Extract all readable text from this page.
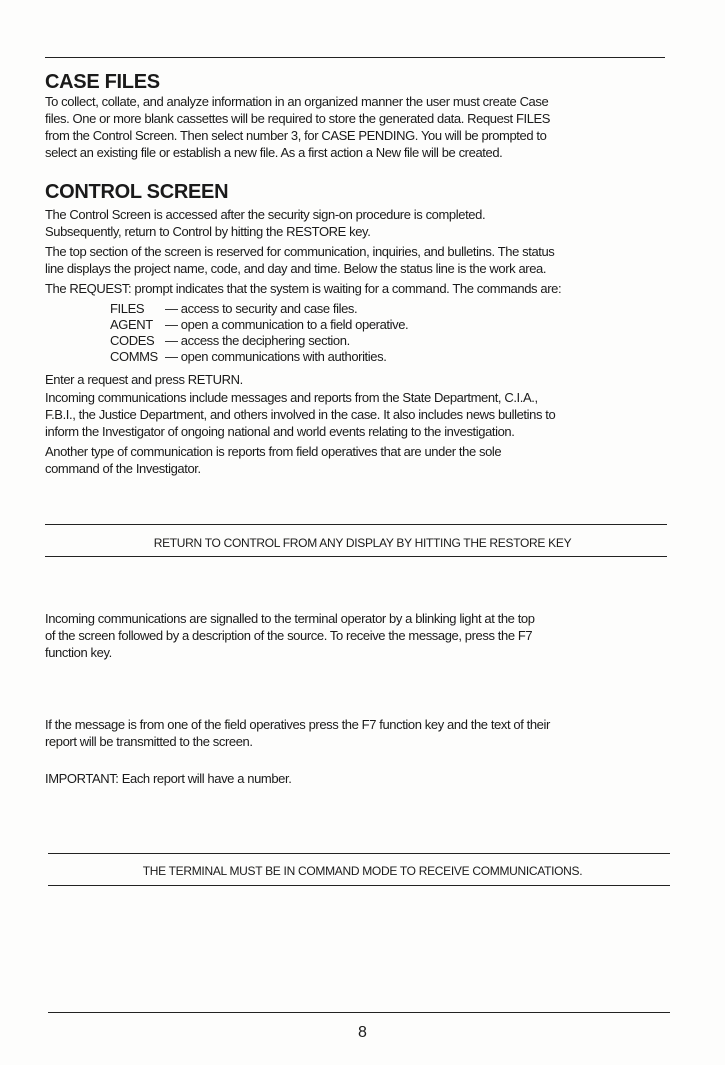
CASE FILES

To collect, collate, and analyze information in an organized manner the user must create Case
files. One or more blank cassettes will be required to store the generated data. Request FILES
from the Control Screen. Then select number 3, for CASE PENDING. You will be prompted to
select an existing file or establish a new file. As a first action a New file will be created.

CONTROL SCREEN

The Control Screen is accessed after the security sign-on procedure is completed.
Subsequently, return to Control by hitting the RESTORE key.

The top section of the screen is reserved for communication, inquiries, and bulletins. The status
line displays the project name, code, and day and time. Below the status line is the work area.

The REQUEST: prompt indicates that the system is waiting for a command. The commands are:

FILES — access to security and case files.
AGENT — open a communication to a field operative.
CODES — access the deciphering section.
COMMS — open communications with authorities.

Enter a request and press RETURN.

Incoming communications include messages and reports from the State Department, C.I.A.,
F.B.I., the Justice Department, and others involved in the case. It also includes news bulletins to
inform the Investigator of ongoing national and world events relating to the investigation.

Another type of communication is reports from field operatives that are under the sole
command of the Investigator.

RETURN TO CONTROL FROM ANY DISPLAY BY HITTING THE RESTORE KEY

Incoming communications are signalled to the terminal operator by a blinking light at the top
of the screen followed by a description of the source. To receive the message, press the F7
function key.

If the message is from one of the field operatives press the F7 function key and the text of their
report will be transmitted to the screen.

IMPORTANT: Each report will have a number.

THE TERMINAL MUST BE IN COMMAND MODE TO RECEIVE COMMUNICATIONS.
8
